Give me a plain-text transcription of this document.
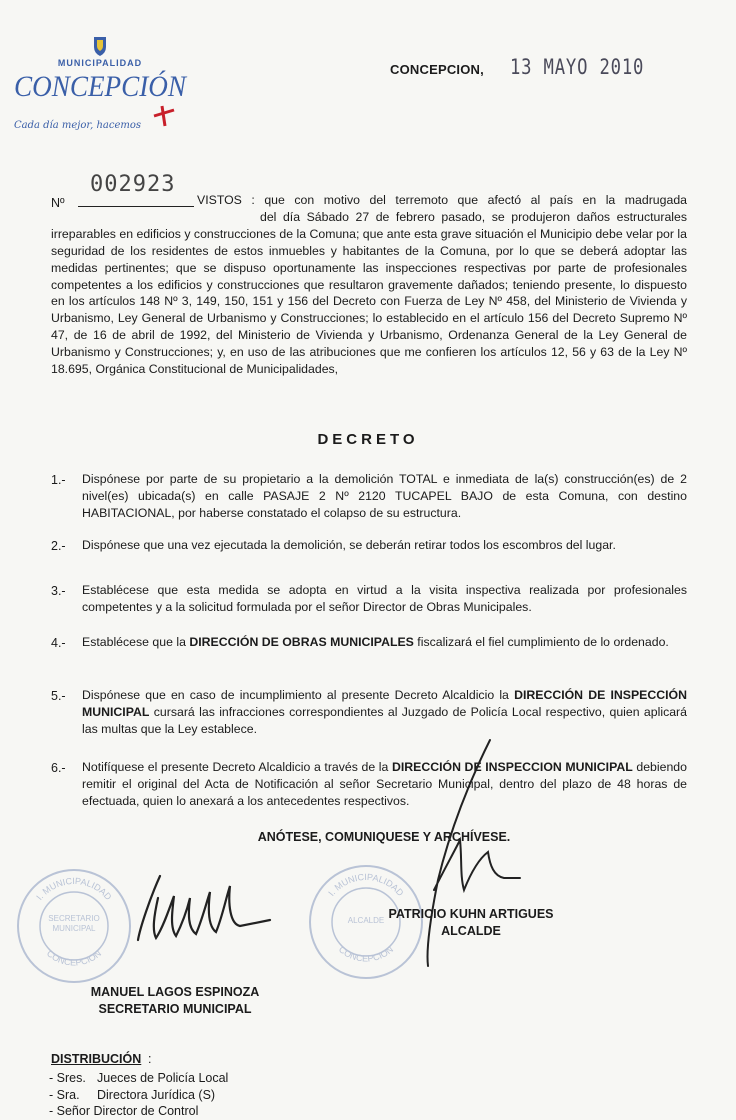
MUNICIPALIDAD
CONCEPCIÓN
Cada día mejor, hacemos
CONCEPCION, 13 MAYO 2010
Nº
002923
VISTOS : que con motivo del terremoto que afectó al país en la madrugada
del día Sábado 27 de febrero pasado, se produjeron daños estructurales irreparables en edificios y construcciones de la Comuna; que ante esta grave situación el Municipio debe velar por la seguridad de los residentes de estos inmuebles y habitantes de la Comuna, por lo que se deberá adoptar las medidas pertinentes; que se dispuso oportunamente las inspecciones respectivas por parte de profesionales competentes a los edificios y construcciones que resultaron gravemente dañados; teniendo presente, lo dispuesto en los artículos 148 Nº 3, 149, 150, 151 y 156 del Decreto con Fuerza de Ley Nº 458, del Ministerio de Vivienda y Urbanismo, Ley General de Urbanismo y Construcciones; lo establecido en el artículo 156 del Decreto Supremo Nº 47, de 16 de abril de 1992, del Ministerio de Vivienda y Urbanismo, Ordenanza General de la Ley General de Urbanismo y Construcciones; y, en uso de las atribuciones que me confieren los artículos 12, 56 y 63 de la Ley Nº 18.695, Orgánica Constitucional de Municipalidades,
DECRETO
1.- Dispónese por parte de su propietario a la demolición TOTAL e inmediata de la(s) construcción(es) de 2 nivel(es) ubicada(s) en calle PASAJE 2 Nº 2120 TUCAPEL BAJO de esta Comuna, con destino HABITACIONAL, por haberse constatado el colapso de su estructura.
2.- Dispónese que una vez ejecutada la demolición, se deberán retirar todos los escombros del lugar.
3.- Establécese que esta medida se adopta en virtud a la visita inspectiva realizada por profesionales competentes y a la solicitud formulada por el señor Director de Obras Municipales.
4.- Establécese que la DIRECCIÓN DE OBRAS MUNICIPALES fiscalizará el fiel cumplimiento de lo ordenado.
5.- Dispónese que en caso de incumplimiento al presente Decreto Alcaldicio la DIRECCIÓN DE INSPECCIÓN MUNICIPAL cursará las infracciones correspondientes al Juzgado de Policía Local respectivo, quien aplicará las multas que la Ley establece.
6.- Notifíquese el presente Decreto Alcaldicio a través de la DIRECCIÓN DE INSPECCION MUNICIPAL debiendo remitir el original del Acta de Notificación al señor Secretario Municipal, dentro del plazo de 48 horas de efectuada, quien lo anexará a los antecedentes respectivos.
ANÓTESE, COMUNIQUESE Y ARCHÍVESE.
I. MUNICIPALIDAD
CONCEPCION
SECRETARIO MUNICIPAL
I. MUNICIPALIDAD
CONCEPCION
ALCALDE PATRICIO KUHN ARTIGUES
ALCALDE
MANUEL LAGOS ESPINOZA
SECRETARIO MUNICIPAL
DISTRIBUCIÓN :
- Sres. Jueces de Policía Local
- Sra. Directora Jurídica (S)
- Señor Director de Control
